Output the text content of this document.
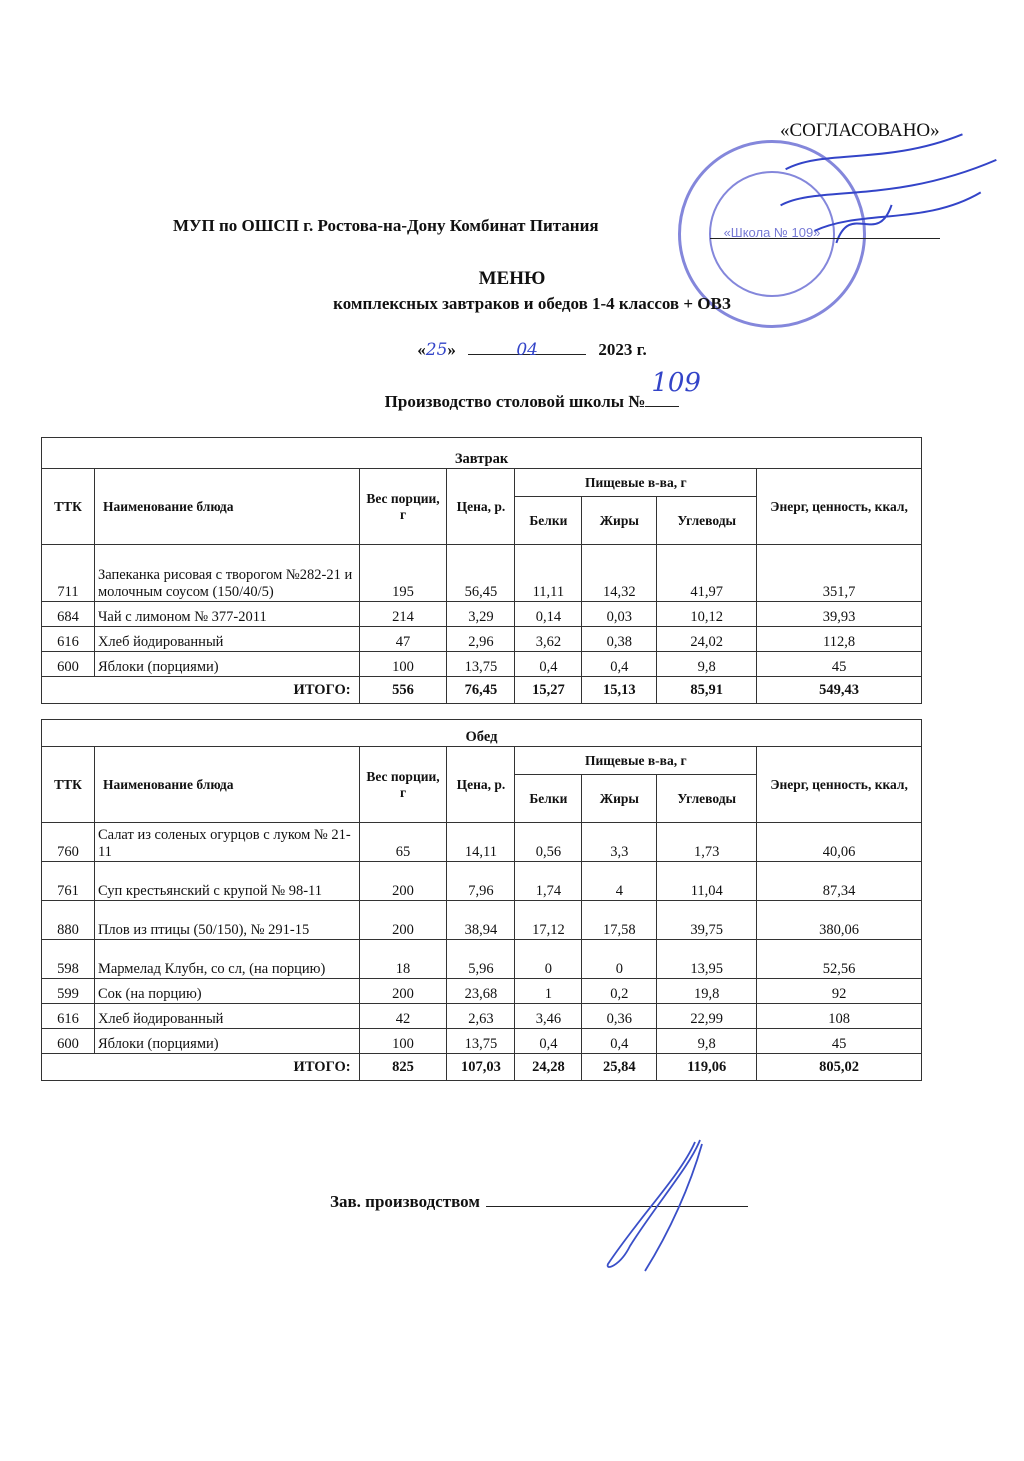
«СОГЛАСОВАНО»
«Школа № 109»
МУП по ОШСП г. Ростова-на-Дону Комбинат Питания
МЕНЮ
комплексных завтраков и обедов 1-4 классов + ОВЗ
«25»	04	2023 г.
Производство столовой школы №
109
Завтрак							
ТТК	Наименование блюда	Вес порции, г	Цена, р.	Пищевые в-ва, г			Энерг, ценность, ккал,
				Белки	Жиры	Углеводы	
711	Запеканка рисовая с творогом №282-21 и молочным соусом (150/40/5)	195	56,45	11,11	14,32	41,97	351,7
684	Чай с лимоном № 377-2011	214	3,29	0,14	0,03	10,12	39,93
616	Хлеб йодированный	47	2,96	3,62	0,38	24,02	112,8
600	Яблоки (порциями)	100	13,75	0,4	0,4	9,8	45
ИТОГО:		556	76,45	15,27	15,13	85,91	549,43
Обед							
ТТК	Наименование блюда	Вес порции, г	Цена, р.	Пищевые в-ва, г			Энерг, ценность, ккал,
				Белки	Жиры	Углеводы	
760	Салат из соленых огурцов с луком № 21-11	65	14,11	0,56	3,3	1,73	40,06
761	Суп крестьянский с крупой № 98-11	200	7,96	1,74	4	11,04	87,34
880	Плов из птицы (50/150), № 291-15	200	38,94	17,12	17,58	39,75	380,06
598	Мармелад Клубн, со сл, (на порцию)	18	5,96	0	0	13,95	52,56
599	Сок (на порцию)	200	23,68	1	0,2	19,8	92
616	Хлеб йодированный	42	2,63	3,46	0,36	22,99	108
600	Яблоки (порциями)	100	13,75	0,4	0,4	9,8	45
ИТОГО:		825	107,03	24,28	25,84	119,06	805,02
Зав. производством
